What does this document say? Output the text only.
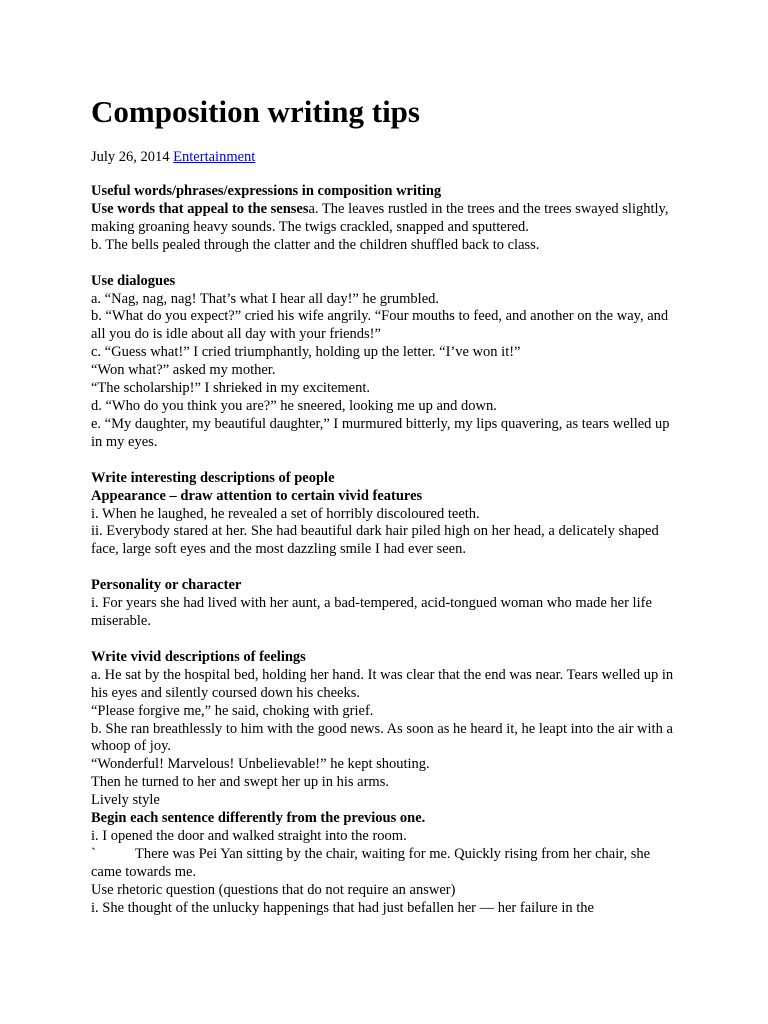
Composition writing tips
July 26, 2014 Entertainment

Useful words/phrases/expressions in composition writing

Use words that appeal to the sensesa. The leaves rustled in the trees and the trees swayed slightly, making groaning heavy sounds. The twigs crackled, snapped and sputtered.

b. The bells pealed through the clatter and the children shuffled back to class.

Use dialogues

a. “Nag, nag, nag! That’s what I hear all day!” he grumbled.

b. “What do you expect?” cried his wife angrily. “Four mouths to feed, and another on the way, and all you do is idle about all day with your friends!”

c. “Guess what!” I cried triumphantly, holding up the letter. “I’ve won it!”

“Won what?” asked my mother.

“The scholarship!” I shrieked in my excitement.

d. “Who do you think you are?” he sneered, looking me up and down.

e. “My daughter, my beautiful daughter,” I murmured bitterly, my lips quavering, as tears welled up in my eyes.

Write interesting descriptions of people

Appearance – draw attention to certain vivid features

i. When he laughed, he revealed a set of horribly discoloured teeth.

ii. Everybody stared at her. She had beautiful dark hair piled high on her head, a delicately shaped face, large soft eyes and the most dazzling smile I had ever seen.

Personality or character

i. For years she had lived with her aunt, a bad-tempered, acid-tongued woman who made her life miserable.

Write vivid descriptions of feelings

a. He sat by the hospital bed, holding her hand. It was clear that the end was near. Tears welled up in his eyes and silently coursed down his cheeks.

“Please forgive me,” he said, choking with grief.

b. She ran breathlessly to him with the good news. As soon as he heard it, he leapt into the air with a whoop of joy.

“Wonderful! Marvelous! Unbelievable!” he kept shouting.

Then he turned to her and swept her up in his arms.

Lively style

Begin each sentence differently from the previous one.

i. I opened the door and walked straight into the room.

`	There was Pei Yan sitting by the chair, waiting for me. Quickly rising from her chair, she came towards me.

Use rhetoric question (questions that do not require an answer)

i. She thought of the unlucky happenings that had just befallen her — her failure in the
